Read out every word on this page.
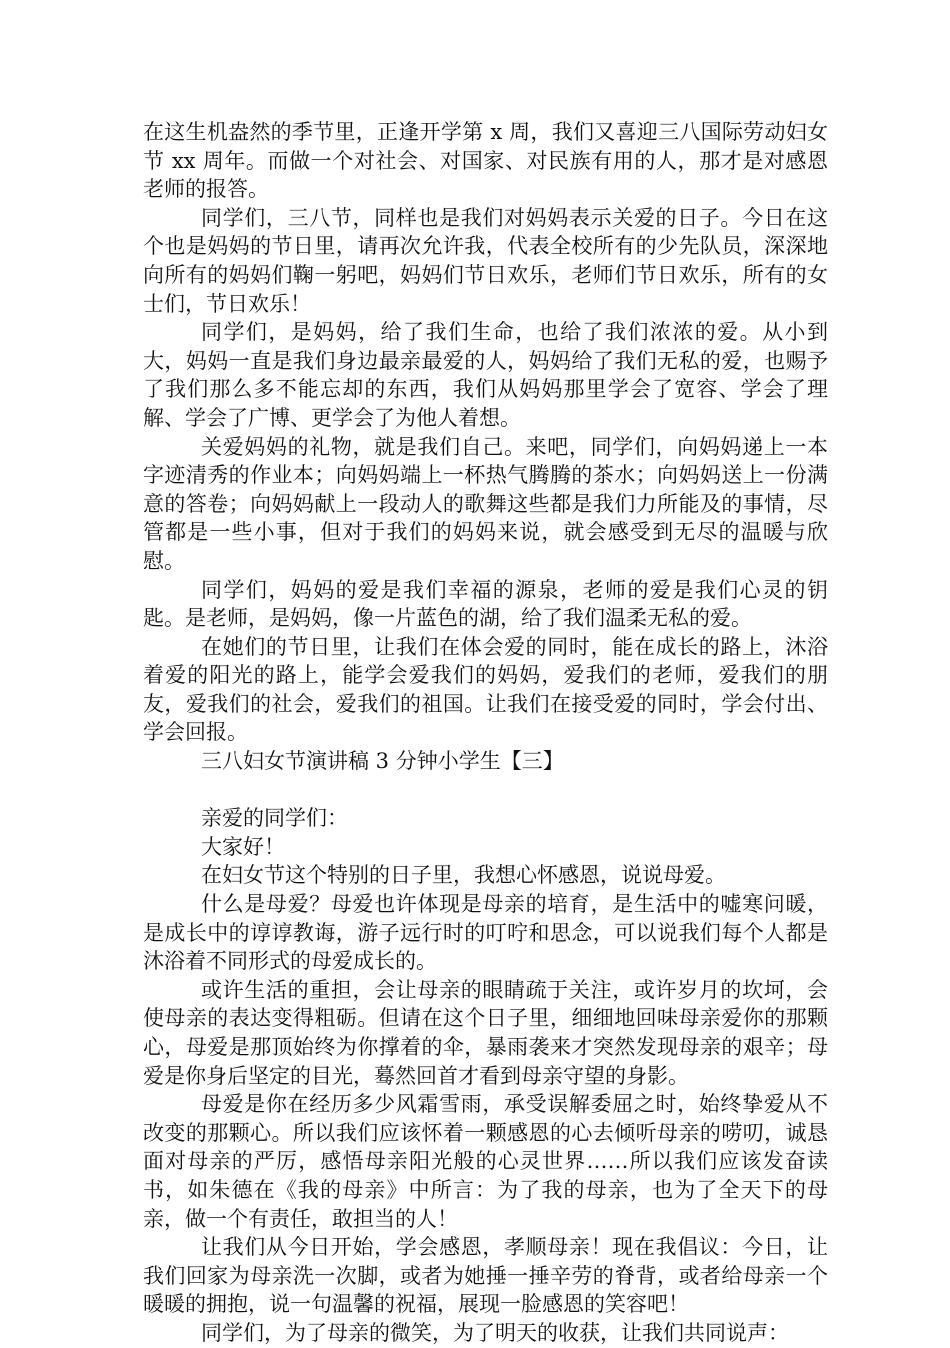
在这生机盎然的季节里，正逢开学第 x 周，我们又喜迎三八国际劳动妇女节 xx 周年。而做一个对社会、对国家、对民族有用的人，那才是对感恩老师的报答。

同学们，三八节，同样也是我们对妈妈表示关爱的日子。今日在这个也是妈妈的节日里，请再次允许我，代表全校所有的少先队员，深深地向所有的妈妈们鞠一躬吧，妈妈们节日欢乐，老师们节日欢乐，所有的女士们，节日欢乐！

同学们，是妈妈，给了我们生命，也给了我们浓浓的爱。从小到大，妈妈一直是我们身边最亲最爱的人，妈妈给了我们无私的爱，也赐予了我们那么多不能忘却的东西，我们从妈妈那里学会了宽容、学会了理解、学会了广博、更学会了为他人着想。

关爱妈妈的礼物，就是我们自己。来吧，同学们，向妈妈递上一本字迹清秀的作业本；向妈妈端上一杯热气腾腾的茶水；向妈妈送上一份满意的答卷；向妈妈献上一段动人的歌舞这些都是我们力所能及的事情，尽管都是一些小事，但对于我们的妈妈来说，就会感受到无尽的温暖与欣慰。

同学们，妈妈的爱是我们幸福的源泉，老师的爱是我们心灵的钥匙。是老师，是妈妈，像一片蓝色的湖，给了我们温柔无私的爱。

在她们的节日里，让我们在体会爱的同时，能在成长的路上，沐浴着爱的阳光的路上，能学会爱我们的妈妈，爱我们的老师，爱我们的朋友，爱我们的社会，爱我们的祖国。让我们在接受爱的同时，学会付出、学会回报。

三八妇女节演讲稿 3 分钟小学生【三】

亲爱的同学们：

大家好！

在妇女节这个特别的日子里，我想心怀感恩，说说母爱。

什么是母爱？母爱也许体现是母亲的培育，是生活中的嘘寒问暖，是成长中的谆谆教诲，游子远行时的叮咛和思念，可以说我们每个人都是沐浴着不同形式的母爱成长的。

或许生活的重担，会让母亲的眼睛疏于关注，或许岁月的坎坷，会使母亲的表达变得粗砺。但请在这个日子里，细细地回味母亲爱你的那颗心，母爱是那顶始终为你撑着的伞，暴雨袭来才突然发现母亲的艰辛；母爱是你身后坚定的目光，蓦然回首才看到母亲守望的身影。

母爱是你在经历多少风霜雪雨，承受误解委屈之时，始终挚爱从不改变的那颗心。所以我们应该怀着一颗感恩的心去倾听母亲的唠叨，诚恳面对母亲的严厉，感悟母亲阳光般的心灵世界……所以我们应该发奋读书，如朱德在《我的母亲》中所言：为了我的母亲，也为了全天下的母亲，做一个有责任，敢担当的人！

让我们从今日开始，学会感恩，孝顺母亲！现在我倡议：今日，让我们回家为母亲洗一次脚，或者为她捶一捶辛劳的脊背，或者给母亲一个暖暖的拥抱，说一句温馨的祝福，展现一脸感恩的笑容吧！

同学们，为了母亲的微笑，为了明天的收获，让我们共同说声：
